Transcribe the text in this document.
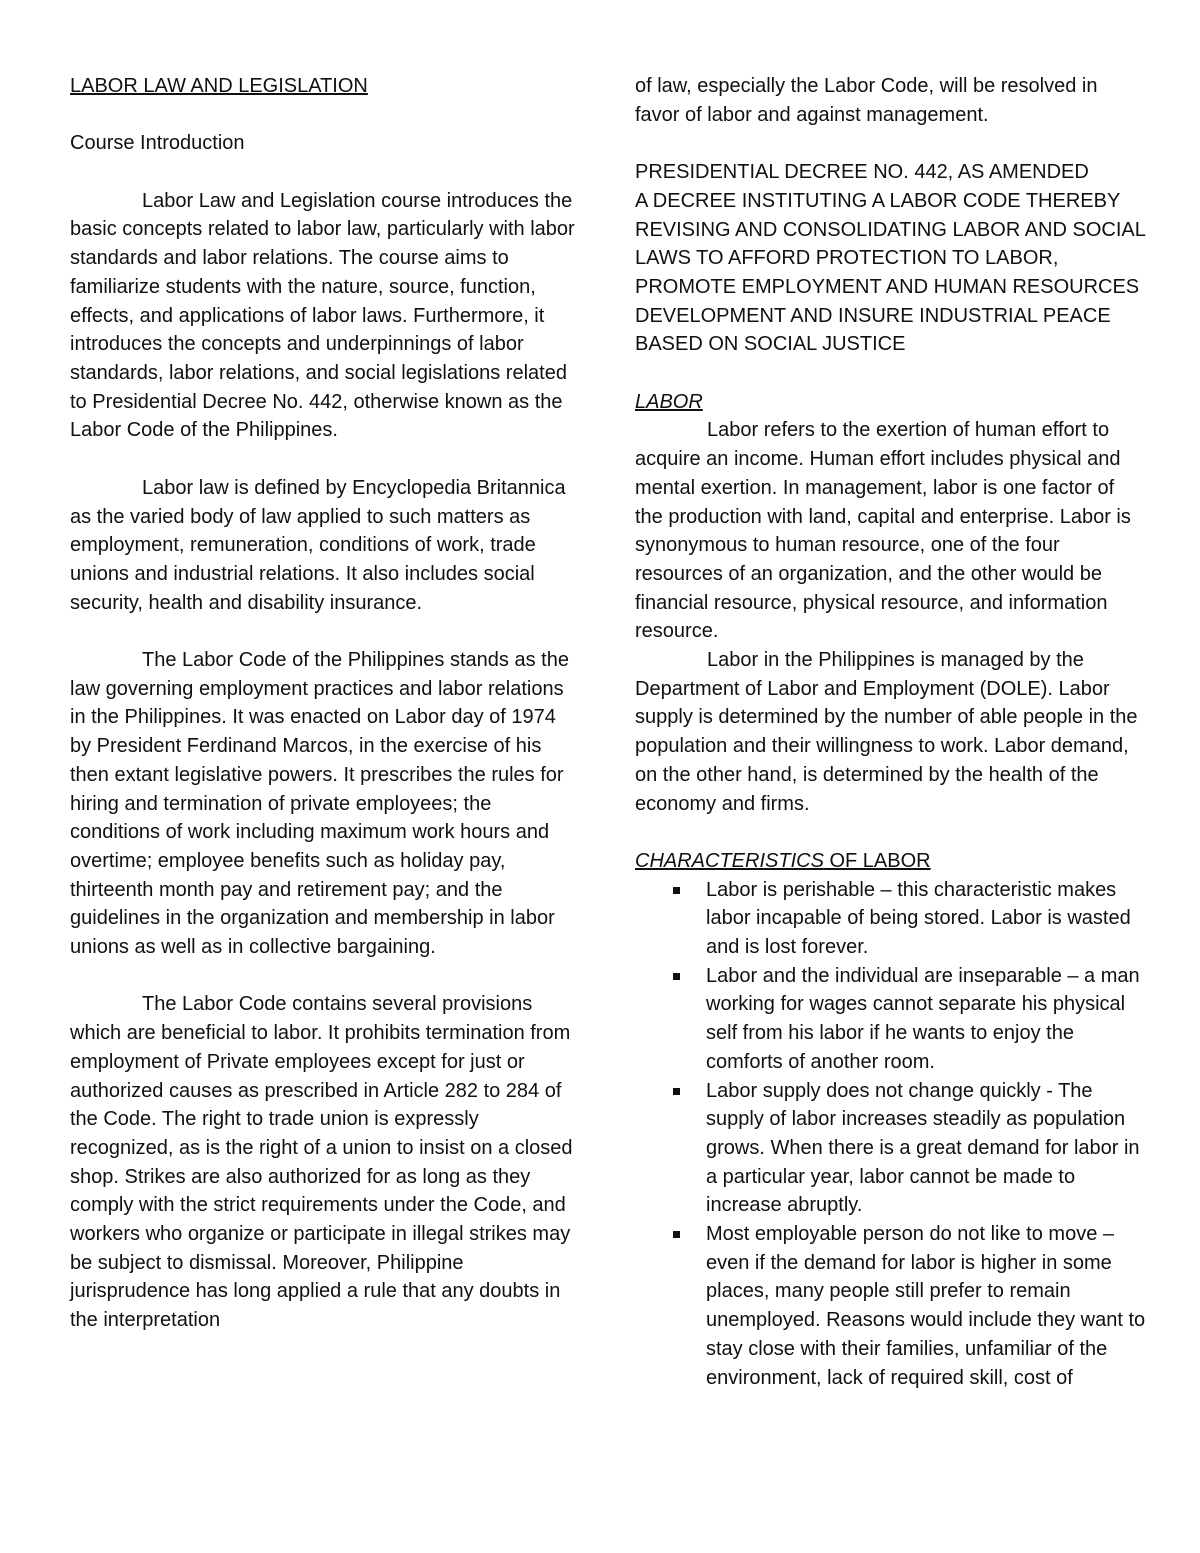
LABOR LAW AND LEGISLATION

Course Introduction

Labor Law and Legislation course introduces the basic concepts related to labor law, particularly with labor standards and labor relations. The course aims to familiarize students with the nature, source, function, effects, and applications of labor laws. Furthermore, it introduces the concepts and underpinnings of labor standards, labor relations, and social legislations related to Presidential Decree No. 442, otherwise known as the Labor Code of the Philippines.

Labor law is defined by Encyclopedia Britannica as the varied body of law applied to such matters as employment, remuneration, conditions of work, trade unions and industrial relations. It also includes social security, health and disability insurance.

The Labor Code of the Philippines stands as the law governing employment practices and labor relations in the Philippines. It was enacted on Labor day of 1974 by President Ferdinand Marcos, in the exercise of his then extant legislative powers. It prescribes the rules for hiring and termination of private employees; the conditions of work including maximum work hours and overtime; employee benefits such as holiday pay, thirteenth month pay and retirement pay; and the guidelines in the organization and membership in labor unions as well as in collective bargaining.

The Labor Code contains several provisions which are beneficial to labor. It prohibits termination from employment of Private employees except for just or authorized causes as prescribed in Article 282 to 284 of the Code. The right to trade union is expressly recognized, as is the right of a union to insist on a closed shop. Strikes are also authorized for as long as they comply with the strict requirements under the Code, and workers who organize or participate in illegal strikes may be subject to dismissal. Moreover, Philippine jurisprudence has long applied a rule that any doubts in the interpretation

of law, especially the Labor Code, will be resolved in favor of labor and against management.

PRESIDENTIAL DECREE NO. 442, AS AMENDED

A DECREE INSTITUTING A LABOR CODE THEREBY REVISING AND CONSOLIDATING LABOR AND SOCIAL LAWS TO AFFORD PROTECTION TO LABOR, PROMOTE EMPLOYMENT AND HUMAN RESOURCES DEVELOPMENT AND INSURE INDUSTRIAL PEACE BASED ON SOCIAL JUSTICE

LABOR

Labor refers to the exertion of human effort to acquire an income. Human effort includes physical and mental exertion. In management, labor is one factor of the production with land, capital and enterprise. Labor is synonymous to human resource, one of the four resources of an organization, and the other would be financial resource, physical resource, and information resource.

Labor in the Philippines is managed by the Department of Labor and Employment (DOLE). Labor supply is determined by the number of able people in the population and their willingness to work. Labor demand, on the other hand, is determined by the health of the economy and firms.

CHARACTERISTICS OF LABOR

Labor is perishable – this characteristic makes labor incapable of being stored. Labor is wasted and is lost forever.
Labor and the individual are inseparable – a man working for wages cannot separate his physical self from his labor if he wants to enjoy the comforts of another room.
Labor supply does not change quickly - The supply of labor increases steadily as population grows. When there is a great demand for labor in a particular year, labor cannot be made to increase abruptly.
Most employable person do not like to move – even if the demand for labor is higher in some places, many people still prefer to remain unemployed. Reasons would include they want to stay close with their families, unfamiliar of the environment, lack of required skill, cost of
